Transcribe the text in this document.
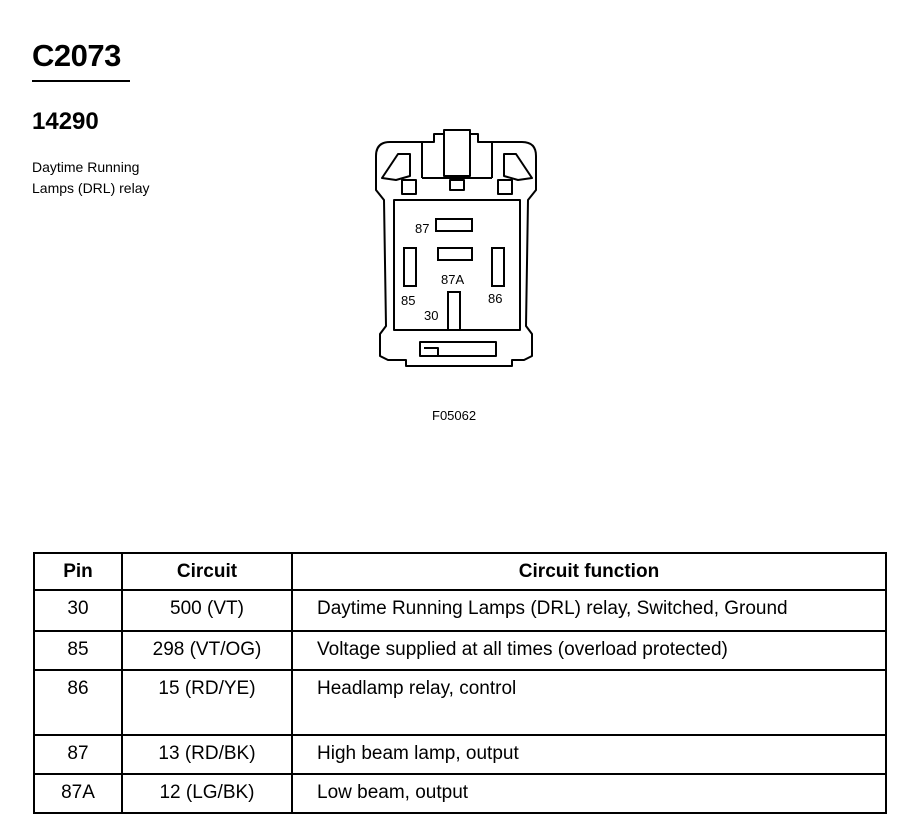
C2073
14290
Daytime Running
Lamps (DRL) relay
87
87A
85	86
30
F05062
Pin	Circuit	Circuit function
30	500 (VT)	Daytime Running Lamps (DRL) relay, Switched, Ground
85	298 (VT/OG)	Voltage supplied at all times (overload protected)
86	15 (RD/YE)	Headlamp relay, control
87	13 (RD/BK)	High beam lamp, output
87A	12 (LG/BK)	Low beam, output
